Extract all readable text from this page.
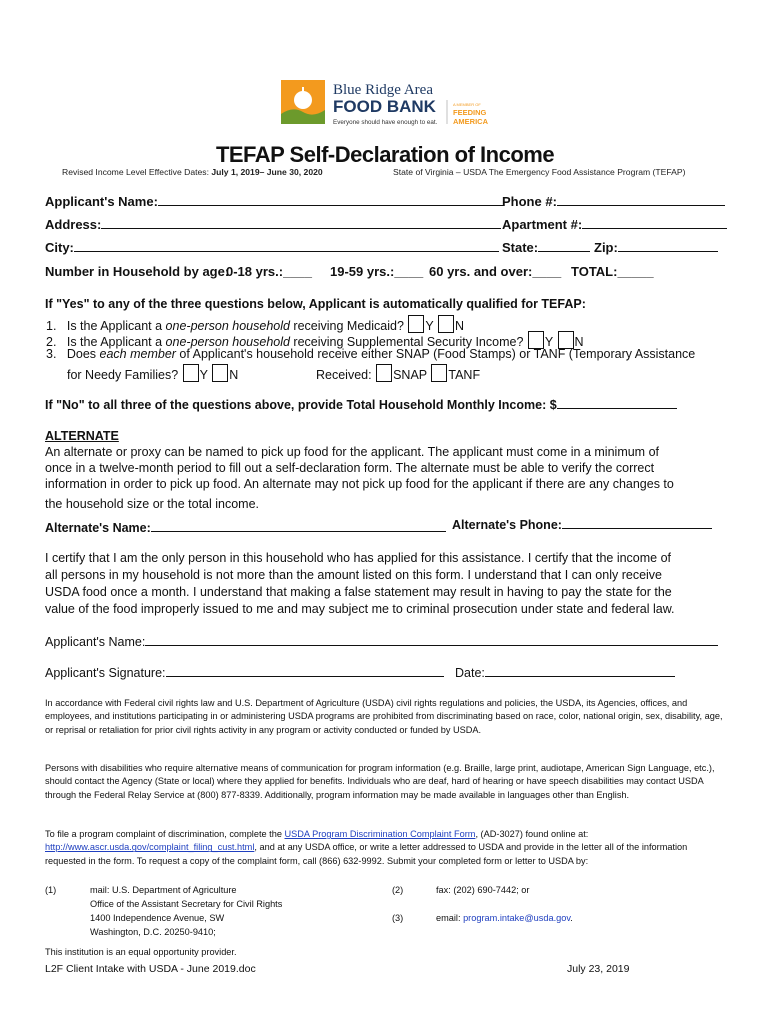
Blue Ridge Area
FOOD BANK
Everyone should have enough to eat.
A MEMBER OF
FEEDING
AMERICA
TEFAP Self-Declaration of Income
Revised Income Level Effective Dates: July 1, 2019– June 30, 2020	State of Virginia – USDA The Emergency Food Assistance Program (TEFAP)
Applicant's Name:	Phone #:
Address:	Apartment #:
City:	State:	Zip:
Number in Household by age:
0-18 yrs.:____ 19-59 yrs.:____ 60 yrs. and over:____ TOTAL:_____
If "Yes" to any of the three questions below, Applicant is automatically qualified for TEFAP:
1. Is the Applicant a one-person household receiving Medicaid? Y N
2. Is the Applicant a one-person household receiving Supplemental Security Income? Y N
3. Does each member of Applicant's household receive either SNAP (Food Stamps) or TANF (Temporary Assistance
for Needy Families? Y N	Received: SNAP TANF
If "No" to all three of the questions above, provide Total Household Monthly Income: $
ALTERNATE
An alternate or proxy can be named to pick up food for the applicant. The applicant must come in a minimum of
once in a twelve-month period to fill out a self-declaration form. The alternate must be able to verify the correct
information in order to pick up food. An alternate may not pick up food for the applicant if there are any changes to
the household size or the total income.
Alternate's Name:	Alternate's Phone:
I certify that I am the only person in this household who has applied for this assistance. I certify that the income of
all persons in my household is not more than the amount listed on this form. I understand that I can only receive
USDA food once a month. I understand that making a false statement may result in having to pay the state for the
value of the food improperly issued to me and may subject me to criminal prosecution under state and federal law.
Applicant's Name:
Applicant's Signature:	Date:
In accordance with Federal civil rights law and U.S. Department of Agriculture (USDA) civil rights regulations and policies, the USDA, its Agencies, offices, and employees, and institutions participating in or administering USDA programs are prohibited from discriminating based on race, color, national origin, sex, disability, age, or reprisal or retaliation for prior civil rights activity in any program or activity conducted or funded by USDA.
Persons with disabilities who require alternative means of communication for program information (e.g. Braille, large print, audiotape, American Sign Language, etc.), should contact the Agency (State or local) where they applied for benefits. Individuals who are deaf, hard of hearing or have speech disabilities may contact USDA through the Federal Relay Service at (800) 877-8339. Additionally, program information may be made available in languages other than English.
To file a program complaint of discrimination, complete the USDA Program Discrimination Complaint Form, (AD-3027) found online at: http://www.ascr.usda.gov/complaint_filing_cust.html, and at any USDA office, or write a letter addressed to USDA and provide in the letter all of the information requested in the form. To request a copy of the complaint form, call (866) 632-9992. Submit your completed form or letter to USDA by:
(1)	mail: U.S. Department of Agriculture
Office of the Assistant Secretary for Civil Rights
1400 Independence Avenue, SW
Washington, D.C. 20250-9410;
(2)	fax: (202) 690-7442; or
(3)	email: program.intake@usda.gov.
This institution is an equal opportunity provider.
L2F Client Intake with USDA - June 2019.doc	July 23, 2019
